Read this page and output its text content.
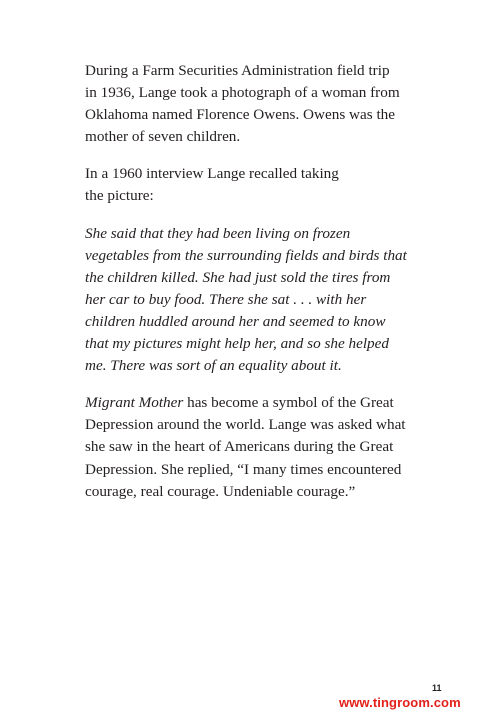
During a Farm Securities Administration field trip
in 1936, Lange took a photograph of a woman from
Oklahoma named Florence Owens. Owens was the
mother of seven children.

In a 1960 interview Lange recalled taking
the picture:

She said that they had been living on frozen
vegetables from the surrounding fields and birds that
the children killed. She had just sold the tires from
her car to buy food. There she sat . . . with her
children huddled around her and seemed to know
that my pictures might help her, and so she helped
me. There was sort of an equality about it.

Migrant Mother has become a symbol of the Great
Depression around the world. Lange was asked what
she saw in the heart of Americans during the Great
Depression. She replied, “I many times encountered
courage, real courage. Undeniable courage.”

11
www.tingroom.com
